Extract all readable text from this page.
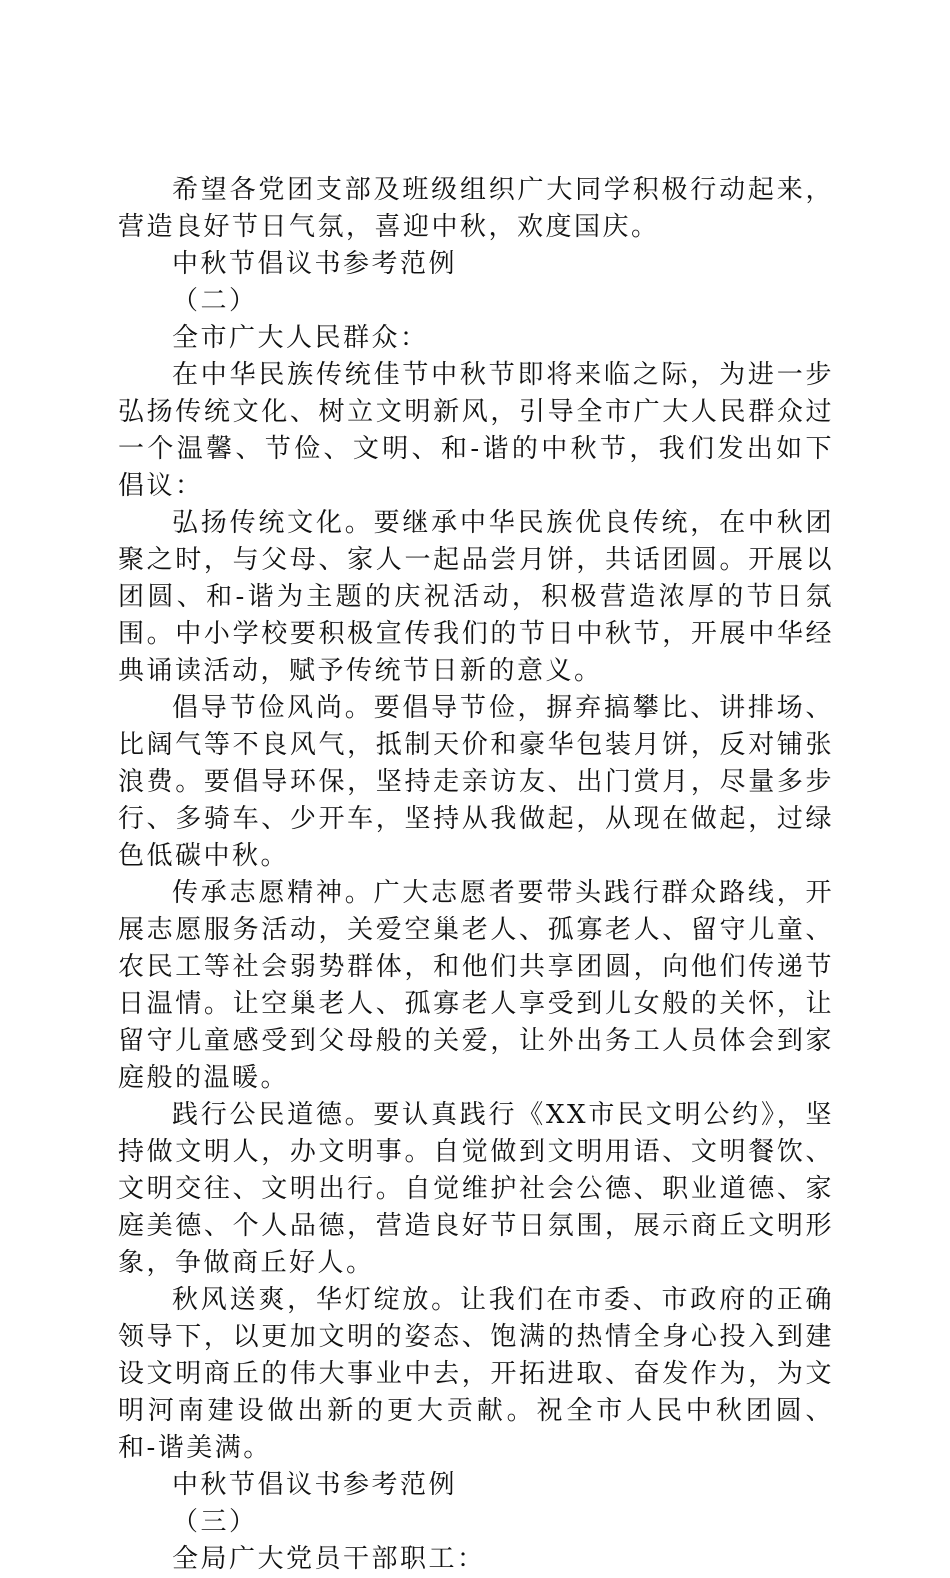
希望各党团支部及班级组织广大同学积极行动起来，营造良好节日气氛，喜迎中秋，欢度国庆。

中秋节倡议书参考范例

（二）

全市广大人民群众：

在中华民族传统佳节中秋节即将来临之际，为进一步弘扬传统文化、树立文明新风，引导全市广大人民群众过一个温馨、节俭、文明、和-谐的中秋节，我们发出如下倡议：

弘扬传统文化。要继承中华民族优良传统，在中秋团聚之时，与父母、家人一起品尝月饼，共话团圆。开展以团圆、和-谐为主题的庆祝活动，积极营造浓厚的节日氛围。中小学校要积极宣传我们的节日中秋节，开展中华经典诵读活动，赋予传统节日新的意义。

倡导节俭风尚。要倡导节俭，摒弃搞攀比、讲排场、比阔气等不良风气，抵制天价和豪华包装月饼，反对铺张浪费。要倡导环保，坚持走亲访友、出门赏月，尽量多步行、多骑车、少开车，坚持从我做起，从现在做起，过绿色低碳中秋。

传承志愿精神。广大志愿者要带头践行群众路线，开展志愿服务活动，关爱空巢老人、孤寡老人、留守儿童、农民工等社会弱势群体，和他们共享团圆，向他们传递节日温情。让空巢老人、孤寡老人享受到儿女般的关怀，让留守儿童感受到父母般的关爱，让外出务工人员体会到家庭般的温暖。

践行公民道德。要认真践行《XX市民文明公约》，坚持做文明人，办文明事。自觉做到文明用语、文明餐饮、文明交往、文明出行。自觉维护社会公德、职业道德、家庭美德、个人品德，营造良好节日氛围，展示商丘文明形象，争做商丘好人。

秋风送爽，华灯绽放。让我们在市委、市政府的正确领导下，以更加文明的姿态、饱满的热情全身心投入到建设文明商丘的伟大事业中去，开拓进取、奋发作为，为文明河南建设做出新的更大贡献。祝全市人民中秋团圆、和-谐美满。

中秋节倡议书参考范例

（三）

全局广大党员干部职工：
